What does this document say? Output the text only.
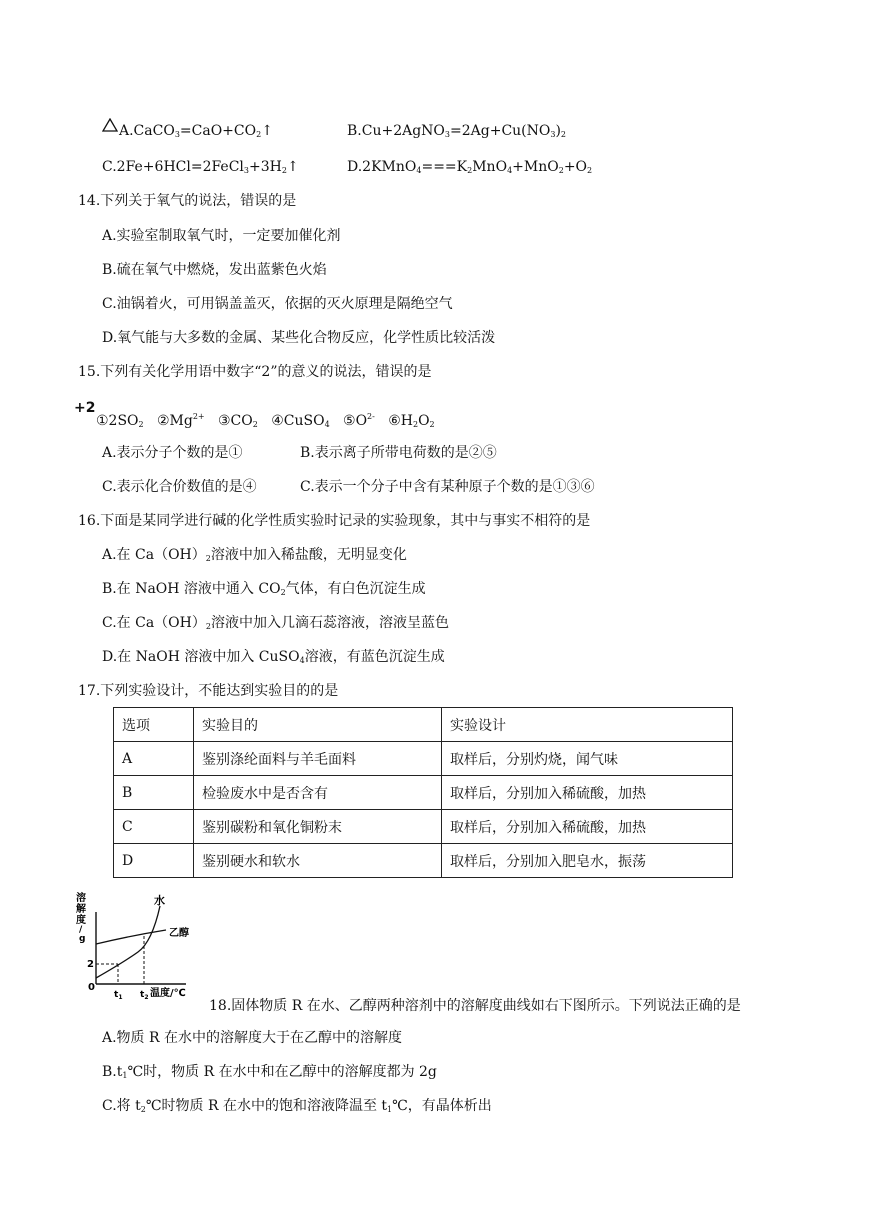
$A.CaCO_3=CaO+CO_2↑$	$B.Cu+2AgNO_3=2Ag+Cu(NO_3)_2$
$C.2Fe+6HCl=2FeCl_3+3H_2↑$	$D.2KMnO_4===K_2MnO_4+MnO_2+O_2$
14.下列关于氧气的说法，错误的是
A.实验室制取氧气时，一定要加催化剂
B.硫在氧气中燃烧，发出蓝紫色火焰
C.油锅着火，可用锅盖盖灭，依据的灭火原理是隔绝空气
D.氧气能与大多数的金属、某些化合物反应，化学性质比较活泼
15.下列有关化学用语中数字“2”的意义的说法，错误的是
+2
$①2SO_2$ $②Mg^{2+}$ $③CO_2$ ④CuSO$_4$ $⑤O^{2-}$ $⑥H_2O_2$
A.表示分子个数的是①	B.表示离子所带电荷数的是②⑤
C.表示化合价数值的是④	C.表示一个分子中含有某种原子个数的是①③⑥
16.下面是某同学进行碱的化学性质实验时记录的实验现象，其中与事实不相符的是
A.在 $Ca(OH)_2$溶液中加入稀盐酸，无明显变化
B.在 NaOH 溶液中通入 $CO_2$气体，有白色沉淀生成
C.在 $Ca(OH)_2$溶液中加入几滴石蕊溶液，溶液呈蓝色
D.在 NaOH 溶液中加入 CuSO$_4$溶液，有蓝色沉淀生成
17.下列实验设计，不能达到实验目的的是
选项	实验目的	实验设计
A	鉴别涤纶面料与羊毛面料	取样后，分别灼烧，闻气味
B	检验废水中是否含有	取样后，分别加入稀硫酸，加热
C	鉴别碳粉和氧化铜粉末	取样后，分别加入稀硫酸，加热
D	鉴别硬水和软水	取样后，分别加入肥皂水，振荡
溶
解
度
/
g
水
乙醇
2
0
$t_1$ $t_2$ 温度/℃
18.固体物质 R 在水、乙醇两种溶剂中的溶解度曲线如右下图所示。下列说法正确的是
A.物质 R 在水中的溶解度大于在乙醇中的溶解度
$B.t_1℃$时，物质 R 在水中和在乙醇中的溶解度都为 2g
C.将 $t_2℃$时物质 R 在水中的饱和溶液降温至 $t_1℃$，有晶体析出
